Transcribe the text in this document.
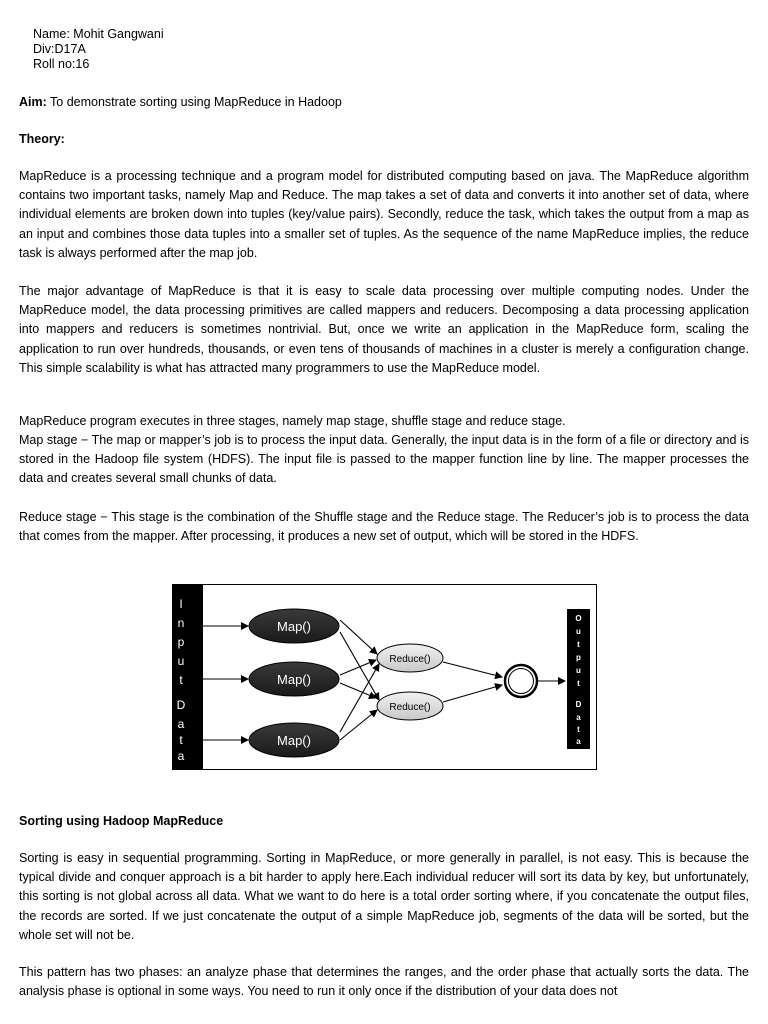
Name: Mohit Gangwani
Div:D17A
Roll no:16
Aim: To demonstrate sorting using MapReduce in Hadoop
Theory:
MapReduce is a processing technique and a program model for distributed computing based on java. The MapReduce algorithm contains two important tasks, namely Map and Reduce. The map takes a set of data and converts it into another set of data, where individual elements are broken down into tuples (key/value pairs). Secondly, reduce the task, which takes the output from a map as an input and combines those data tuples into a smaller set of tuples. As the sequence of the name MapReduce implies, the reduce task is always performed after the map job.
The major advantage of MapReduce is that it is easy to scale data processing over multiple computing nodes. Under the MapReduce model, the data processing primitives are called mappers and reducers. Decomposing a data processing application into mappers and reducers is sometimes nontrivial. But, once we write an application in the MapReduce form, scaling the application to run over hundreds, thousands, or even tens of thousands of machines in a cluster is merely a configuration change. This simple scalability is what has attracted many programmers to use the MapReduce model.
MapReduce program executes in three stages, namely map stage, shuffle stage and reduce stage.
Map stage − The map or mapper’s job is to process the input data. Generally, the input data is in the form of a file or directory and is stored in the Hadoop file system (HDFS). The input file is passed to the mapper function line by line. The mapper processes the data and creates several small chunks of data.
Reduce stage − This stage is the combination of the Shuffle stage and the Reduce stage. The Reducer’s job is to process the data that comes from the mapper. After processing, it produces a new set of output, which will be stored in the HDFS.
I
n
p
u
t
D
a
t
a
O
u
t
p
u
t
D
a
t
a
Map()
Map()
Map()
Reduce()
Reduce()
Sorting using Hadoop MapReduce
Sorting is easy in sequential programming. Sorting in MapReduce, or more generally in parallel, is not easy. This is because the typical divide and conquer approach is a bit harder to apply here.Each individual reducer will sort its data by key, but unfortunately, this sorting is not global across all data. What we want to do here is a total order sorting where, if you concatenate the output files, the records are sorted. If we just concatenate the output of a simple MapReduce job, segments of the data will be sorted, but the whole set will not be.
This pattern has two phases: an analyze phase that determines the ranges, and the order phase that actually sorts the data. The analysis phase is optional in some ways. You need to run it only once if the distribution of your data does not
